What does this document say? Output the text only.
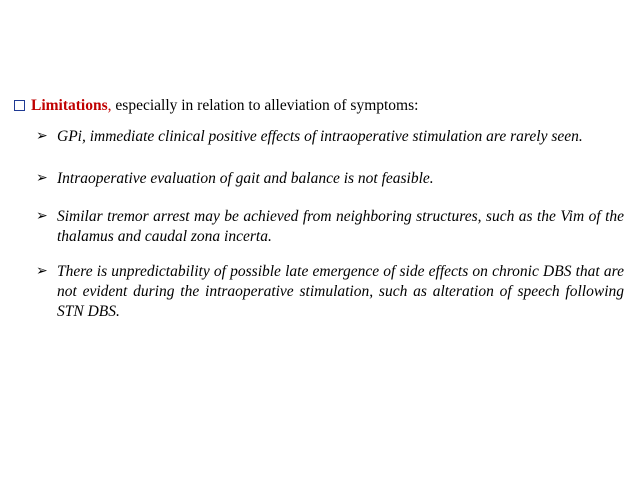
Limitations, especially in relation to alleviation of symptoms:
➢ GPi, immediate clinical positive effects of intraoperative stimulation are rarely seen.
➢ Intraoperative evaluation of gait and balance is not feasible.
➢ Similar tremor arrest may be achieved from neighboring structures, such as the Vim of the thalamus and caudal zona incerta.
➢ There is unpredictability of possible late emergence of side effects on chronic DBS that are not evident during the intraoperative stimulation, such as alteration of speech following STN DBS.
